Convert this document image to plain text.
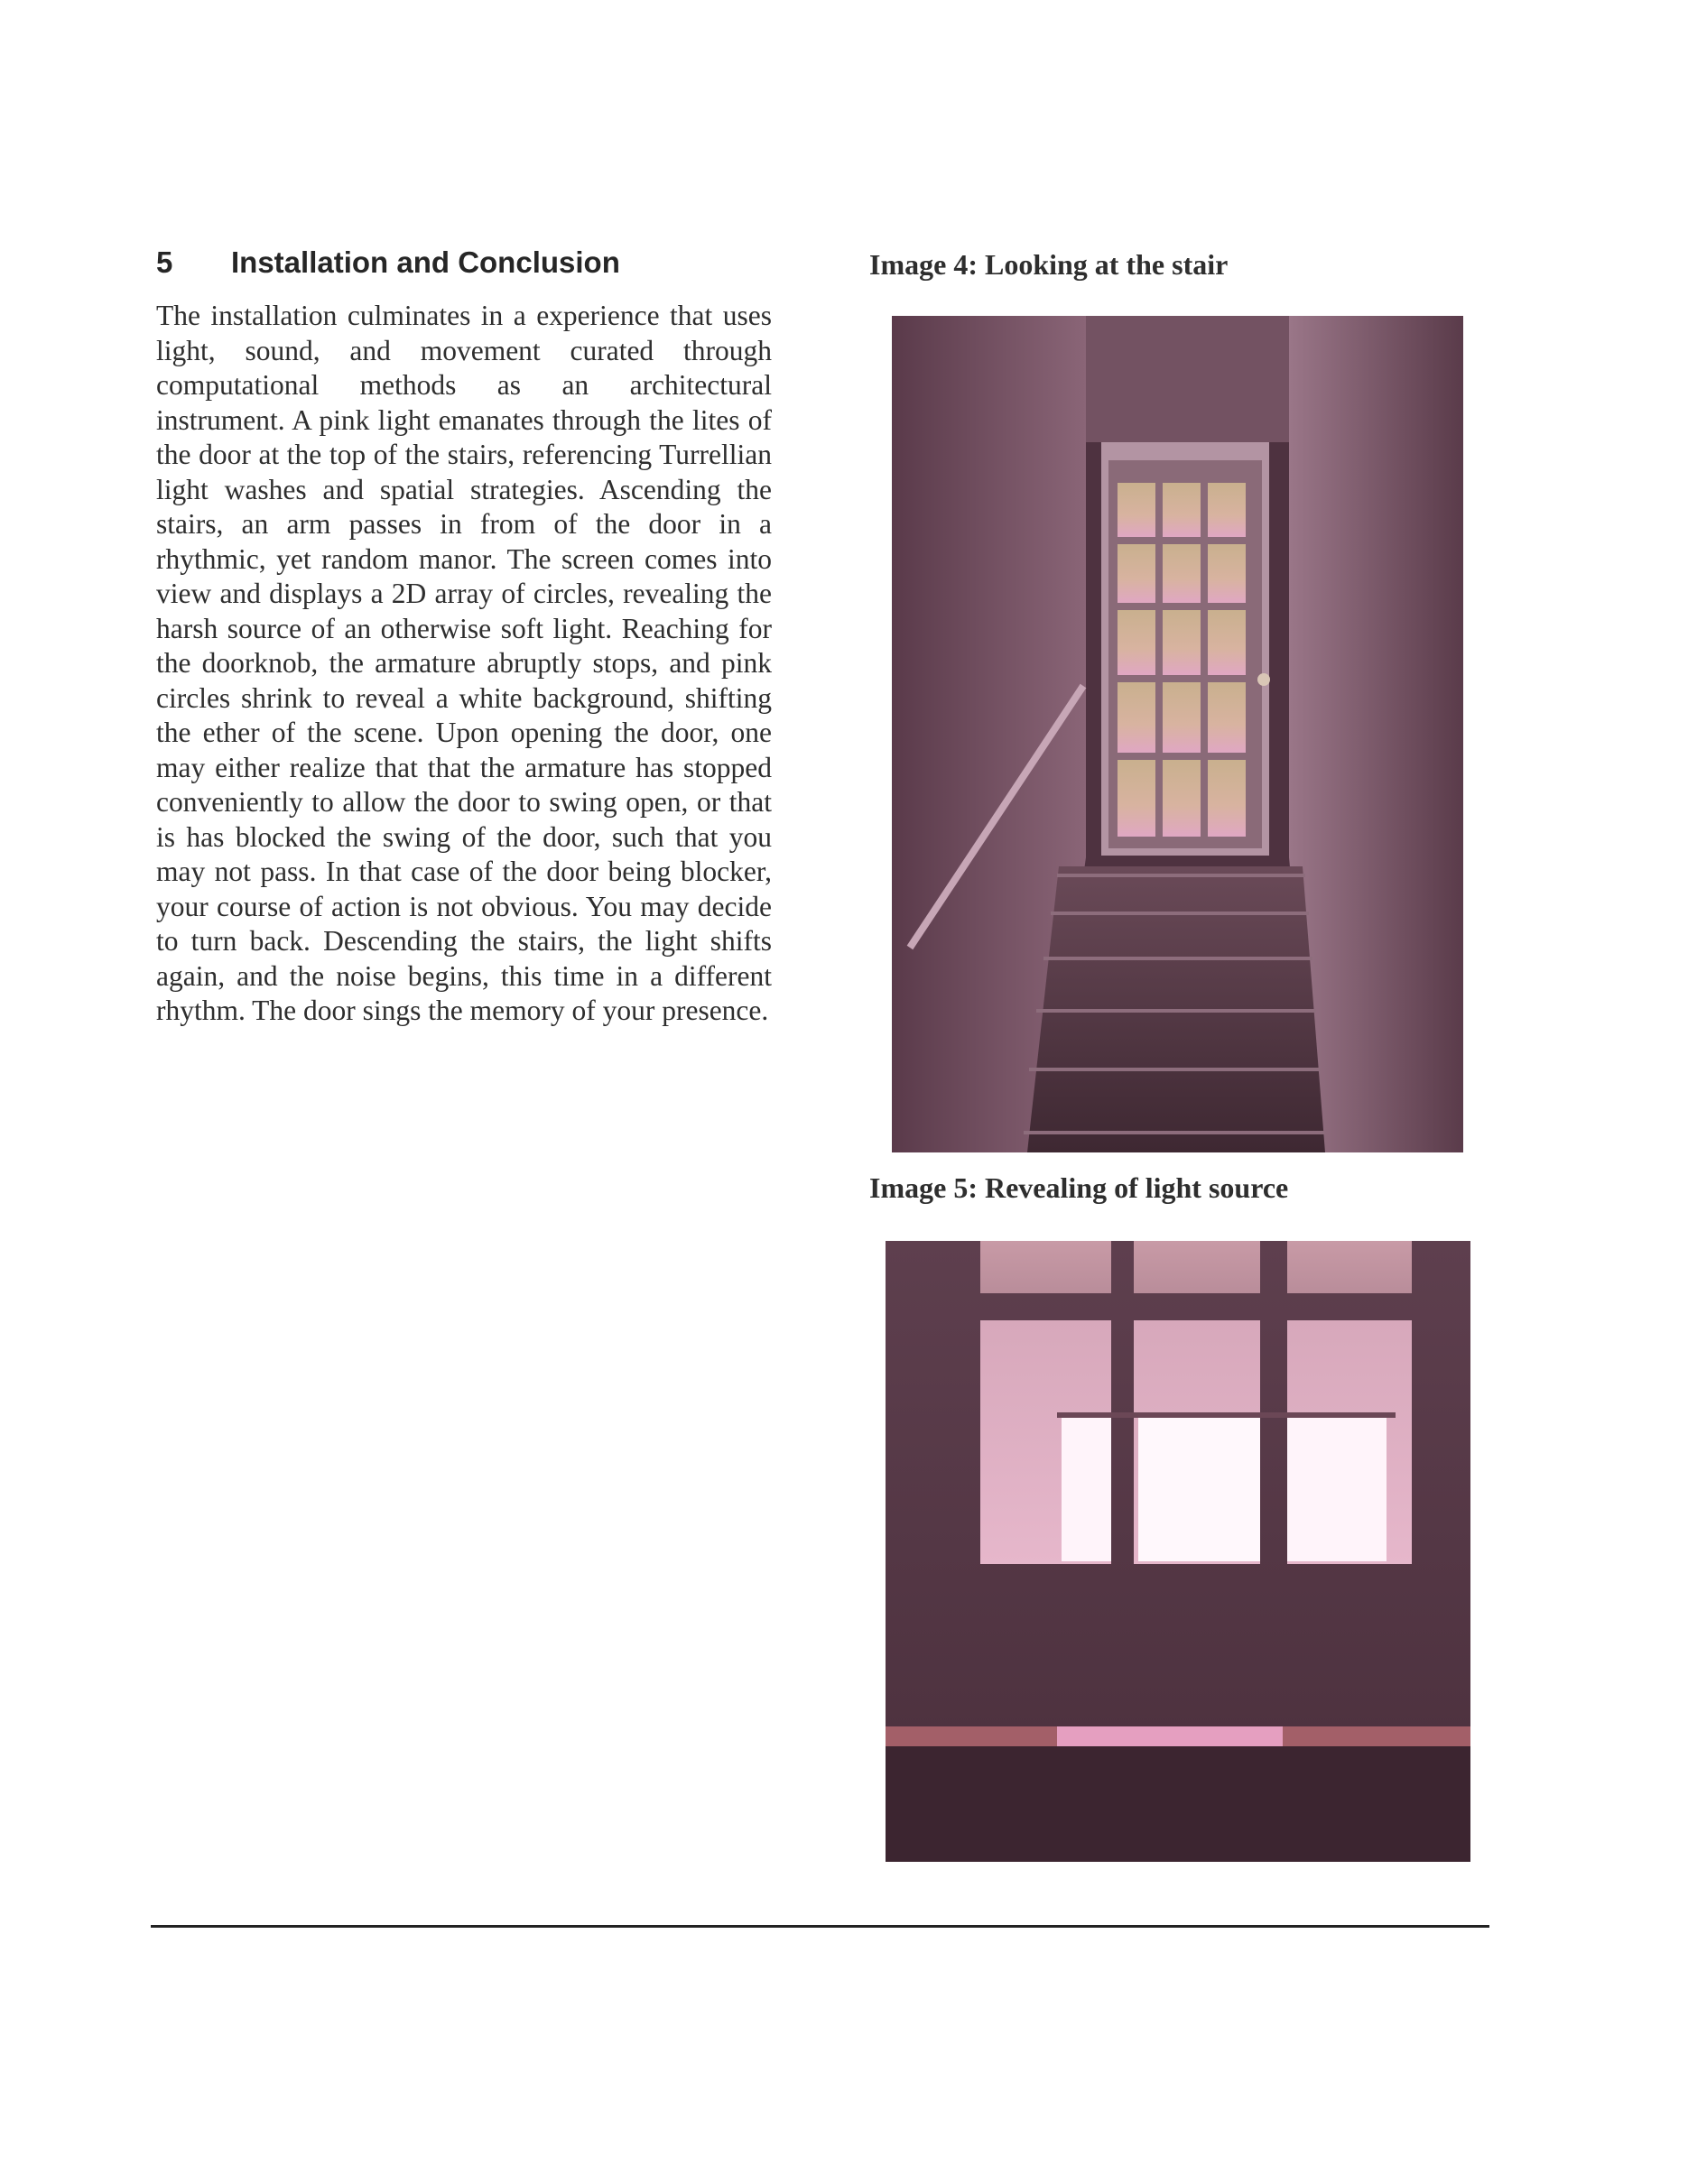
5 Installation and Conclusion

The installation culminates in a experience that uses light, sound, and movement curated through computational methods as an architectural instrument. A pink light emanates through the lites of the door at the top of the stairs, referencing Turrellian light washes and spatial strategies. Ascending the stairs, an arm passes in from of the door in a rhythmic, yet random manor. The screen comes into view and displays a 2D array of circles, revealing the harsh source of an otherwise soft light. Reaching for the doorknob, the armature abruptly stops, and pink circles shrink to reveal a white background, shifting the ether of the scene. Upon opening the door, one may either realize that that the armature has stopped conveniently to allow the door to swing open, or that is has blocked the swing of the door, such that you may not pass. In that case of the door being blocker, your course of action is not obvious. You may decide to turn back. Descending the stairs, the light shifts again, and the noise begins, this time in a different rhythm. The door sings the memory of your presence.

Image 4: Looking at the stair
Image 5: Revealing of light source
